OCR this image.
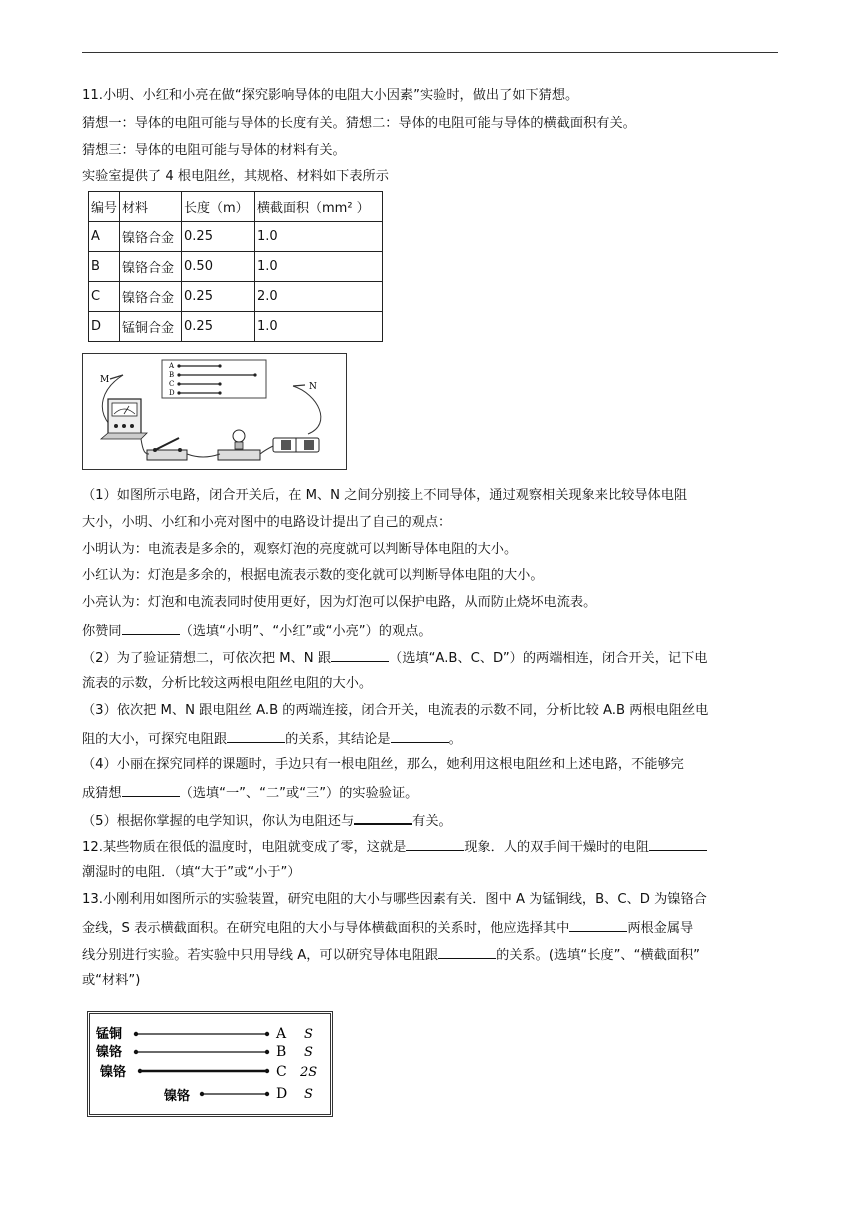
11.小明、小红和小亮在做“探究影响导体的电阻大小因素”实验时，做出了如下猜想。
猜想一：导体的电阻可能与导体的长度有关。猜想二：导体的电阻可能与导体的横截面积有关。
猜想三：导体的电阻可能与导体的材料有关。
实验室提供了 4 根电阻丝，其规格、材料如下表所示
编号	材料	长度（m）	横截面积（mm² ）
A	镍铬合金	0.25	1.0
B	镍铬合金	0.50	1.0
C	镍铬合金	0.25	2.0
D	锰铜合金	0.25	1.0
M
A
B
C
D
N
（1）如图所示电路，闭合开关后，在 M、N 之间分别接上不同导体，通过观察相关现象来比较导体电阻
大小，小明、小红和小亮对图中的电路设计提出了自己的观点：
小明认为：电流表是多余的，观察灯泡的亮度就可以判断导体电阻的大小。
小红认为：灯泡是多余的，根据电流表示数的变化就可以判断导体电阻的大小。
小亮认为：灯泡和电流表同时使用更好，因为灯泡可以保护电路，从而防止烧坏电流表。
你赞同	（选填“小明”、“小红”或“小亮”）的观点。
（2）为了验证猜想二，可依次把 M、N 跟	（选填“A.B、C、D”）的两端相连，闭合开关，记下电
流表的示数，分析比较这两根电阻丝电阻的大小。
（3）依次把 M、N 跟电阻丝 A.B 的两端连接，闭合开关，电流表的示数不同，分析比较 A.B 两根电阻丝电
阻的大小，可探究电阻跟	的关系，其结论是	。
（4）小丽在探究同样的课题时，手边只有一根电阻丝，那么，她利用这根电阻丝和上述电路，不能够完
成猜想	（选填“一”、“二”或“三”）的实验验证。
（5）根据你掌握的电学知识，你认为电阻还与	有关。
12.某些物质在很低的温度时，电阻就变成了零，这就是	现象．人的双手间干燥时的电阻
潮湿时的电阻．（填“大于”或“小于”）
13.小刚利用如图所示的实验装置，研究电阻的大小与哪些因素有关．图中 A 为锰铜线，B、C、D 为镍铬合
金线，S 表示横截面积。在研究电阻的大小与导体横截面积的关系时，他应选择其中	两根金属导
线分别进行实验。若实验中只用导线 A，可以研究导体电阻跟	的关系。(选填“长度”、“横截面积”
或“材料”)
锰铜
镍铬
镍铬
镍铬
A
B
C
D
S
S
2S
S
